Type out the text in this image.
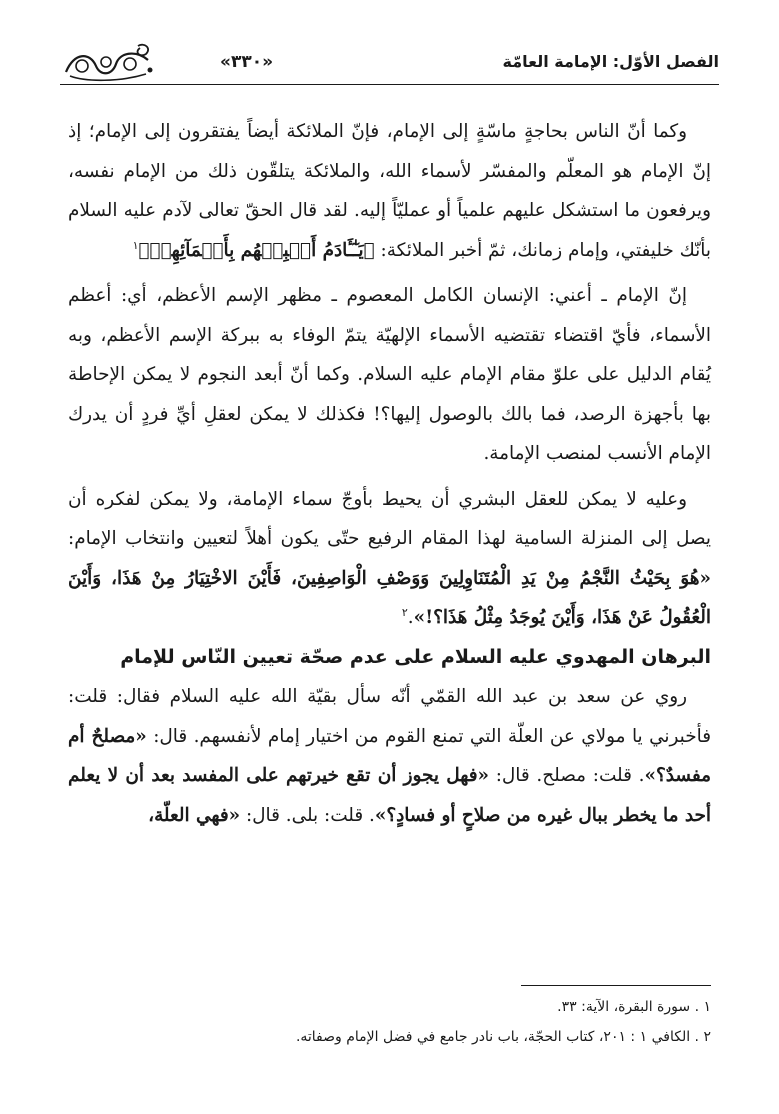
«٣٣٠»	الفصل الأوّل: الإمامة العامّة

وكما أنّ الناس بحاجةٍ ماسّةٍ إلى الإمام، فإنّ الملائكة أيضاً يفتقرون إلى الإمام؛ إذ إنّ الإمام هو المعلّم والمفسّر لأسماء الله، والملائكة يتلقّون ذلك من الإمام نفسه، ويرفعون ما استشكل عليهم علمياً أو عمليّاً إليه. لقد قال الحقّ تعالى لآدم عليه السلام بأنّك خليفتي، وإمام زمانك، ثمّ أخبر الملائكة: ﴿يَـٰٓـَٔادَمُ أَنۢبِئۡهُم بِأَسۡمَآئِهِمۡ﴾$^١$

إنّ الإمام ـ أعني: الإنسان الكامل المعصوم ـ مظهر الإسم الأعظم، أي: أعظم الأسماء، فأيّ اقتضاء تقتضيه الأسماء الإلهيّة يتمّ الوفاء به ببركة الإسم الأعظم، وبه يُقام الدليل على علوّ مقام الإمام عليه السلام. وكما أنّ أبعد النجوم لا يمكن الإحاطة بها بأجهزة الرصد، فما بالك بالوصول إليها؟! فكذلك لا يمكن لعقلِ أيِّ فردٍ أن يدرك الإمام الأنسب لمنصب الإمامة.

وعليه لا يمكن للعقل البشري أن يحيط بأوجّ سماء الإمامة، ولا يمكن لفكره أن يصل إلى المنزلة السامية لهذا المقام الرفيع حتّى يكون أهلاً لتعيين وانتخاب الإمام: «هُوَ بِحَيْثُ النَّجْمُ مِنْ يَدِ الْمُتَنَاوِلِينَ وَوَصْفِ الْوَاصِفِينَ، فَأَيْنَ الاخْتِيَارُ مِنْ هَذَا، وَأَيْنَ الْعُقُولُ عَنْ هَذَا، وَأَيْنَ يُوجَدُ مِثْلُ هَذَا؟!».$^٢$

البرهان المهدوي عليه السلام على عدم صحّة تعيين النّاس للإمام

روي عن سعد بن عبد الله القمّي أنّه سأل بقيّة الله عليه السلام فقال: قلت: فأخبرني يا مولاي عن العلّة التي تمنع القوم من اختيار إمام لأنفسهم. قال: «مصلحٌ أم مفسدٌ؟». قلت: مصلح. قال: «فهل يجوز أن تقع خيرتهم على المفسد بعد أن لا يعلم أحد ما يخطر ببال غيره من صلاحٍ أو فسادٍ؟». قلت: بلى. قال: «فهي العلّة،

١ . سورة البقرة، الآية: ٣٣.
٢ . الكافي ١ : ٢٠١، كتاب الحجّة، باب نادر جامع في فضل الإمام وصفاته.
